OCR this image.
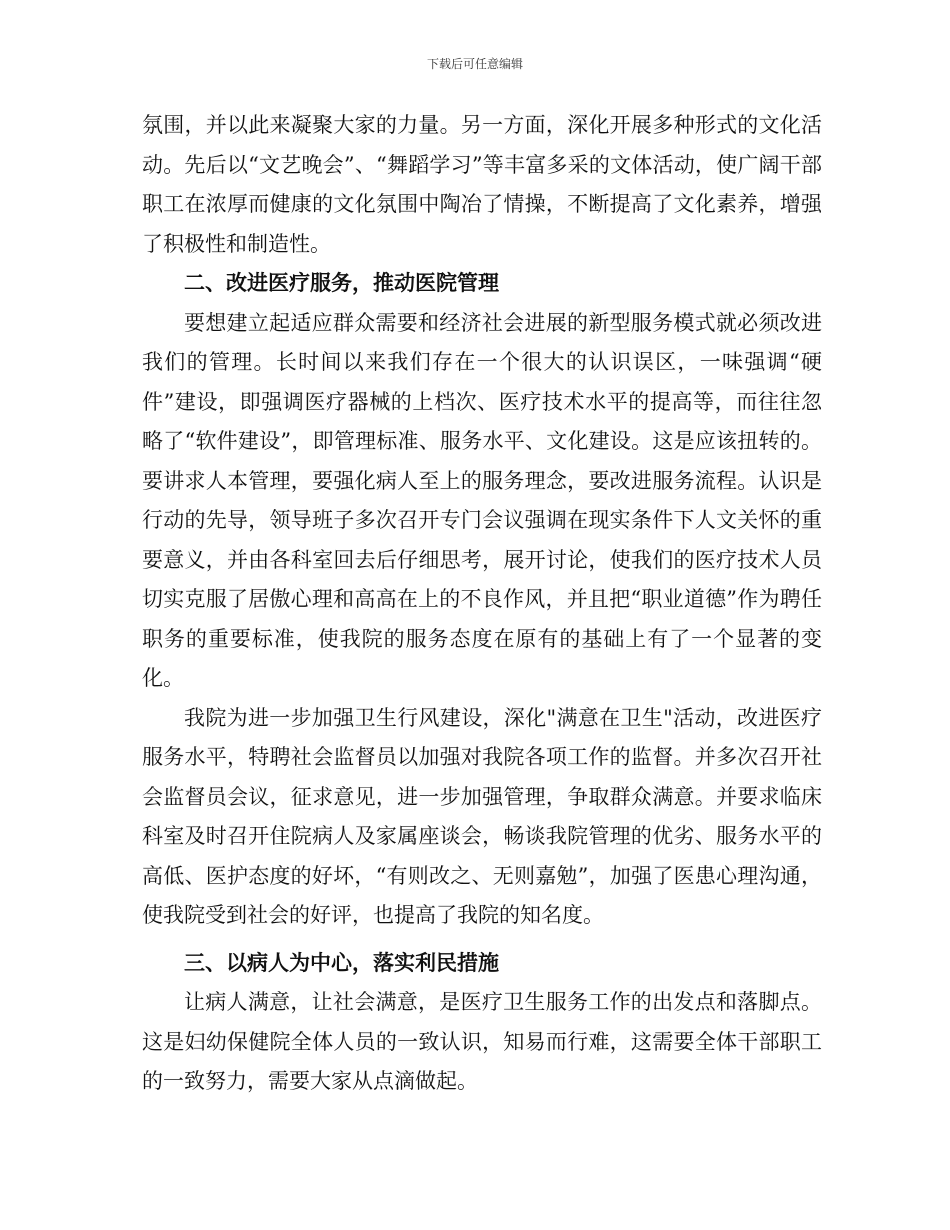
下载后可任意编辑

氛围，并以此来凝聚大家的力量。另一方面，深化开展多种形式的文化活动。先后以“文艺晚会”、“舞蹈学习”等丰富多采的文体活动，使广阔干部职工在浓厚而健康的文化氛围中陶冶了情操，不断提高了文化素养，增强了积极性和制造性。

二、改进医疗服务，推动医院管理

要想建立起适应群众需要和经济社会进展的新型服务模式就必须改进我们的管理。长时间以来我们存在一个很大的认识误区，一味强调“硬件”建设，即强调医疗器械的上档次、医疗技术水平的提高等，而往往忽略了“软件建设”，即管理标准、服务水平、文化建设。这是应该扭转的。要讲求人本管理，要强化病人至上的服务理念，要改进服务流程。认识是行动的先导，领导班子多次召开专门会议强调在现实条件下人文关怀的重要意义，并由各科室回去后仔细思考，展开讨论，使我们的医疗技术人员切实克服了居傲心理和高高在上的不良作风，并且把“职业道德”作为聘任职务的重要标准，使我院的服务态度在原有的基础上有了一个显著的变化。

我院为进一步加强卫生行风建设，深化"满意在卫生"活动，改进医疗服务水平，特聘社会监督员以加强对我院各项工作的监督。并多次召开社会监督员会议，征求意见，进一步加强管理，争取群众满意。并要求临床科室及时召开住院病人及家属座谈会，畅谈我院管理的优劣、服务水平的高低、医护态度的好坏，“有则改之、无则嘉勉”，加强了医患心理沟通，使我院受到社会的好评，也提高了我院的知名度。

三、以病人为中心，落实利民措施

让病人满意，让社会满意，是医疗卫生服务工作的出发点和落脚点。这是妇幼保健院全体人员的一致认识，知易而行难，这需要全体干部职工的一致努力，需要大家从点滴做起。
